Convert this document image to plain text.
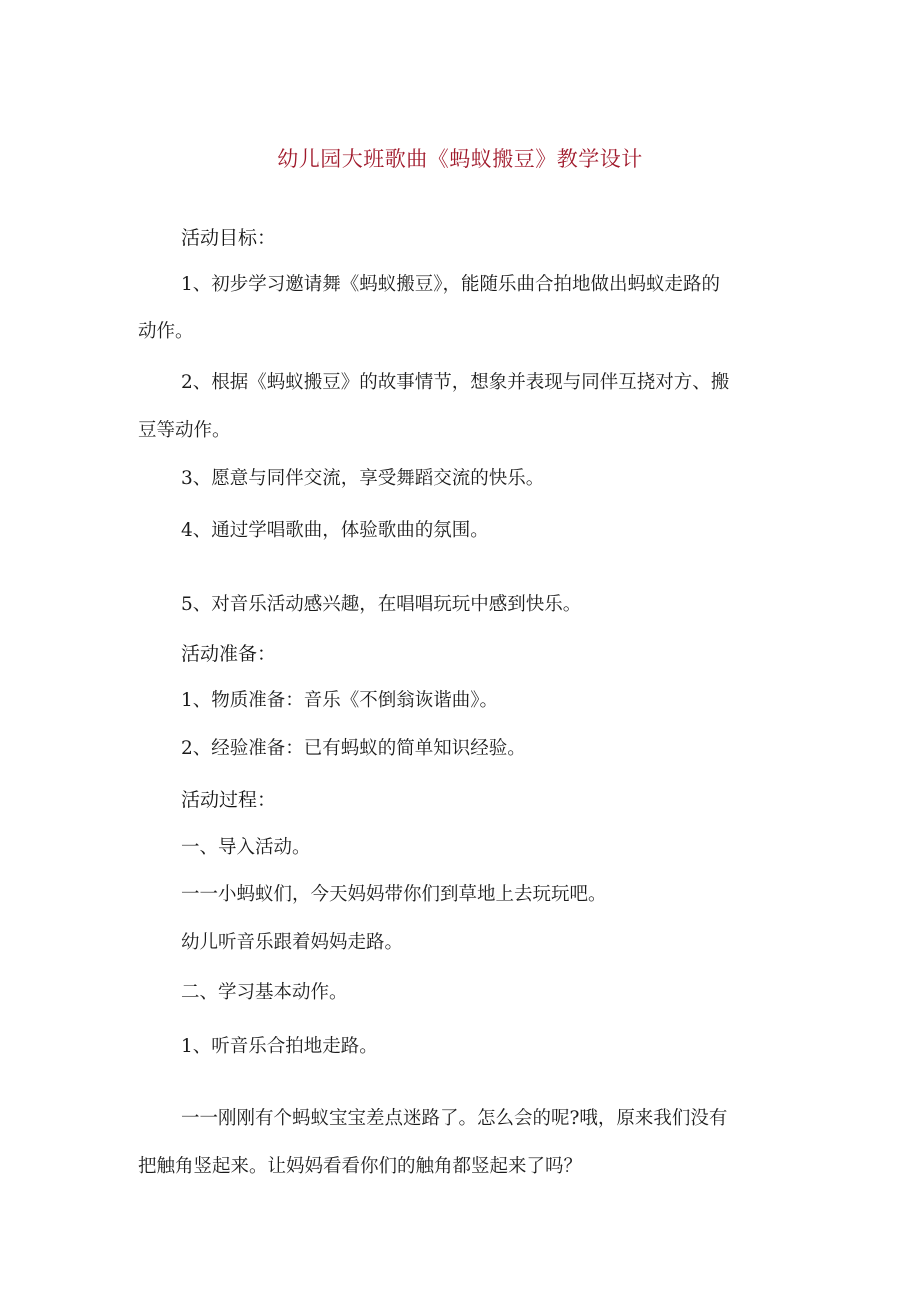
幼儿园大班歌曲《蚂蚁搬豆》教学设计
活动目标：
1、初步学习邀请舞《蚂蚁搬豆》，能随乐曲合拍地做出蚂蚁走路的
动作。
2、根据《蚂蚁搬豆》的故事情节，想象并表现与同伴互挠对方、搬
豆等动作。
3、愿意与同伴交流，享受舞蹈交流的快乐。
4、通过学唱歌曲，体验歌曲的氛围。
5、对音乐活动感兴趣，在唱唱玩玩中感到快乐。
活动准备：
1、物质准备：音乐《不倒翁诙谐曲》。
2、经验准备：已有蚂蚁的简单知识经验。
活动过程：
一、导入活动。
一一小蚂蚁们，今天妈妈带你们到草地上去玩玩吧。
幼儿听音乐跟着妈妈走路。
二、学习基本动作。
1、听音乐合拍地走路。
一一刚刚有个蚂蚁宝宝差点迷路了。怎么会的呢?哦，原来我们没有
把触角竖起来。让妈妈看看你们的触角都竖起来了吗？
